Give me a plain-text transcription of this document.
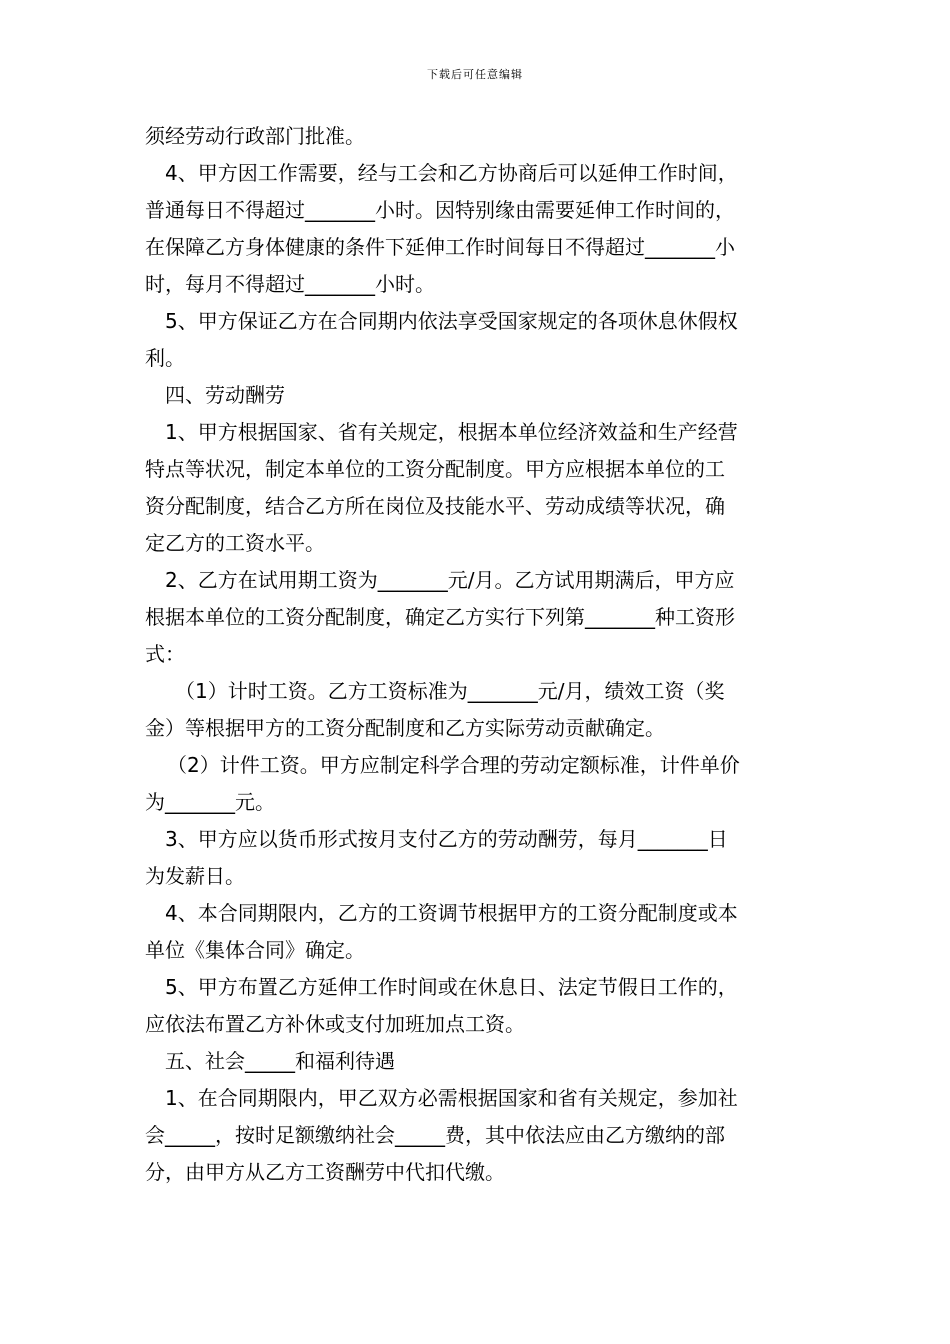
下载后可任意编辑
须经劳动行政部门批准。
4、甲方因工作需要，经与工会和乙方协商后可以延伸工作时间，
普通每日不得超过_______小时。因特别缘由需要延伸工作时间的，
在保障乙方身体健康的条件下延伸工作时间每日不得超过_______小
时，每月不得超过_______小时。
5、甲方保证乙方在合同期内依法享受国家规定的各项休息休假权
利。
四、劳动酬劳
1、甲方根据国家、省有关规定，根据本单位经济效益和生产经营
特点等状况，制定本单位的工资分配制度。甲方应根据本单位的工
资分配制度，结合乙方所在岗位及技能水平、劳动成绩等状况，确
定乙方的工资水平。
2、乙方在试用期工资为_______元/月。乙方试用期满后，甲方应
根据本单位的工资分配制度，确定乙方实行下列第_______种工资形
式：
（1）计时工资。乙方工资标准为_______元/月，绩效工资（奖
金）等根据甲方的工资分配制度和乙方实际劳动贡献确定。
（2）计件工资。甲方应制定科学合理的劳动定额标准，计件单价
为_______元。
3、甲方应以货币形式按月支付乙方的劳动酬劳，每月_______日
为发薪日。
4、本合同期限内，乙方的工资调节根据甲方的工资分配制度或本
单位《集体合同》确定。
5、甲方布置乙方延伸工作时间或在休息日、法定节假日工作的，
应依法布置乙方补休或支付加班加点工资。
五、社会_____和福利待遇
1、在合同期限内，甲乙双方必需根据国家和省有关规定，参加社
会_____，按时足额缴纳社会_____费，其中依法应由乙方缴纳的部
分，由甲方从乙方工资酬劳中代扣代缴。
